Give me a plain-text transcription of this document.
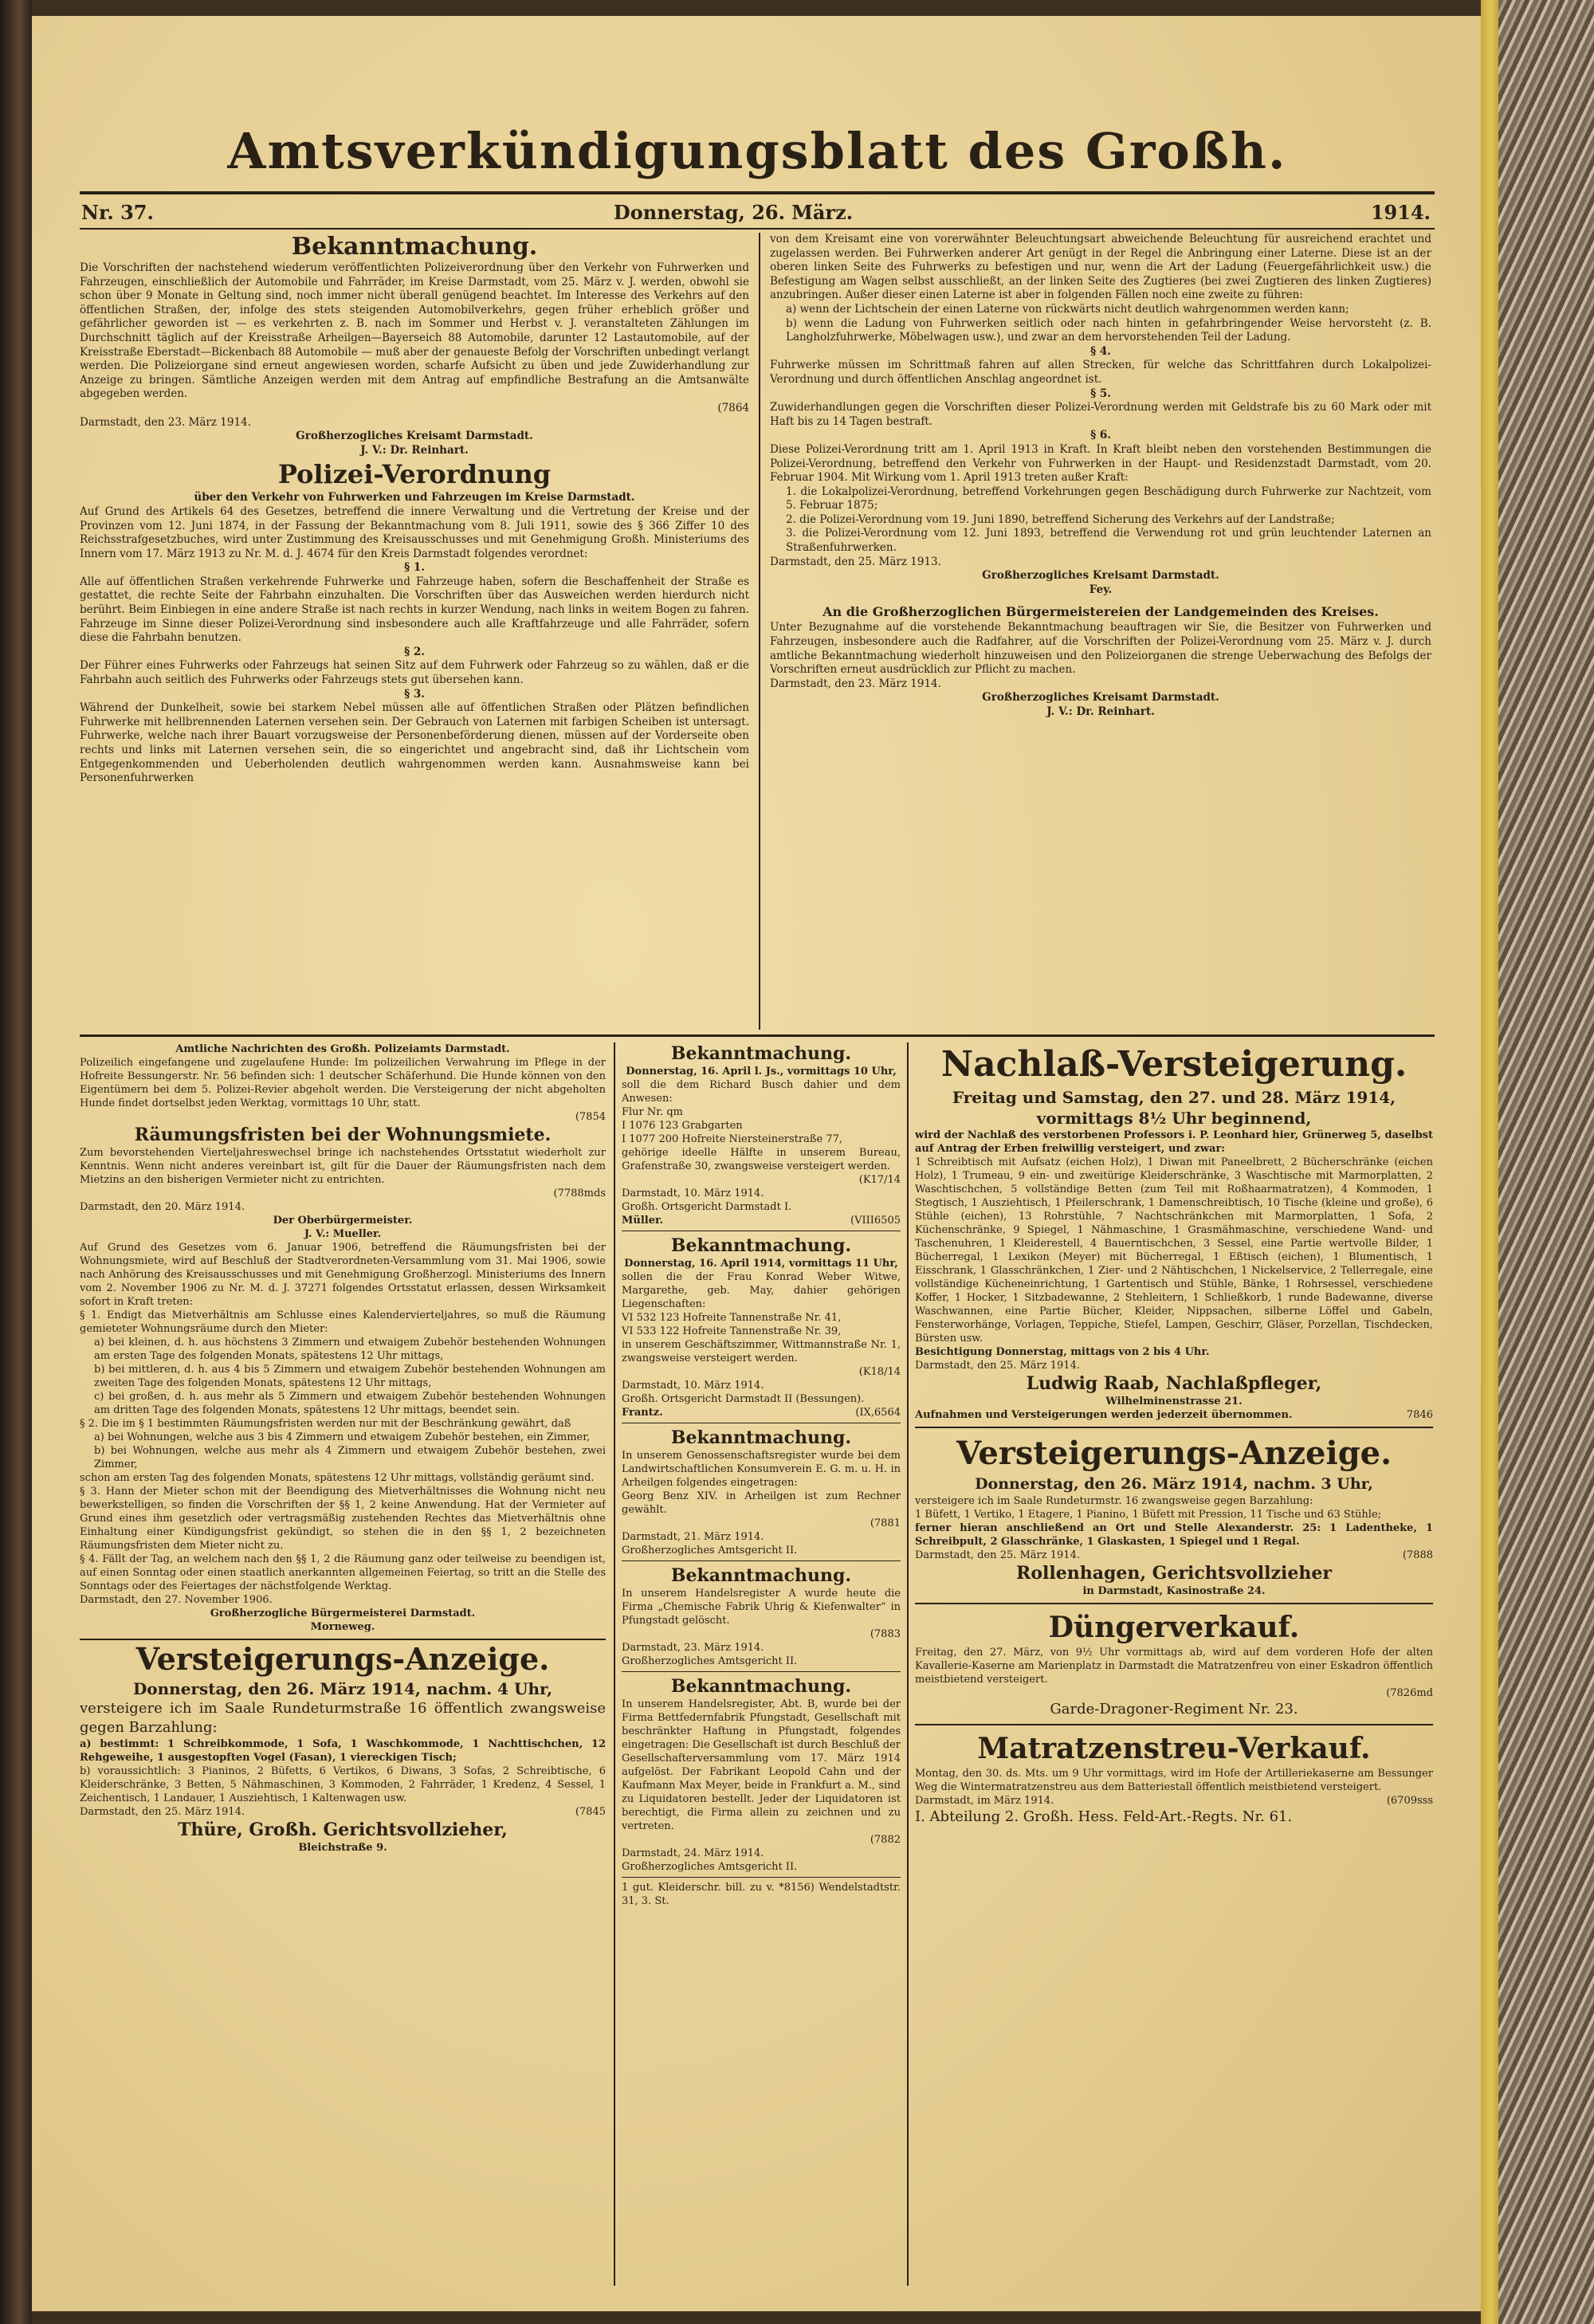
Amtsverkündigungsblatt des Großh.
Nr. 37.	Donnerstag, 26. März.	1914.
Bekanntmachung.

Die Vorschriften der nachstehend wiederum veröffentlichten Polizeiverordnung über den Verkehr von Fuhrwerken und Fahrzeugen, einschließlich der Automobile und Fahrräder, im Kreise Darmstadt, vom 25. März v. J. werden, obwohl sie schon über 9 Monate in Geltung sind, noch immer nicht überall genügend beachtet. Im Interesse des Verkehrs auf den öffentlichen Straßen, der, infolge des stets steigenden Automobilverkehrs, gegen früher erheblich größer und gefährlicher geworden ist — es verkehrten z. B. nach im Sommer und Herbst v. J. veranstalteten Zählungen im Durchschnitt täglich auf der Kreisstraße Arheilgen—Bayerseich 88 Automobile, darunter 12 Lastautomobile, auf der Kreisstraße Eberstadt—Bickenbach 88 Automobile — muß aber der genaueste Befolg der Vorschriften unbedingt verlangt werden. Die Polizeiorgane sind erneut angewiesen worden, scharfe Aufsicht zu üben und jede Zuwiderhandlung zur Anzeige zu bringen. Sämtliche Anzeigen werden mit dem Antrag auf empfindliche Bestrafung an die Amtsanwälte abgegeben werden.

(7864
Darmstadt, den 23. März 1914.
Großherzogliches Kreisamt Darmstadt.
J. V.: Dr. Reinhart.
Polizei-Verordnung
über den Verkehr von Fuhrwerken und Fahrzeugen im Kreise Darmstadt.

Auf Grund des Artikels 64 des Gesetzes, betreffend die innere Verwaltung und die Vertretung der Kreise und der Provinzen vom 12. Juni 1874, in der Fassung der Bekanntmachung vom 8. Juli 1911, sowie des § 366 Ziffer 10 des Reichsstrafgesetzbuches, wird unter Zustimmung des Kreisausschusses und mit Genehmigung Großh. Ministeriums des Innern vom 17. März 1913 zu Nr. M. d. J. 4674 für den Kreis Darmstadt folgendes verordnet:

§ 1.

Alle auf öffentlichen Straßen verkehrende Fuhrwerke und Fahrzeuge haben, sofern die Beschaffenheit der Straße es gestattet, die rechte Seite der Fahrbahn einzuhalten. Die Vorschriften über das Ausweichen werden hierdurch nicht berührt. Beim Einbiegen in eine andere Straße ist nach rechts in kurzer Wendung, nach links in weitem Bogen zu fahren. Fahrzeuge im Sinne dieser Polizei-Verordnung sind insbesondere auch alle Kraftfahrzeuge und alle Fahrräder, sofern diese die Fahrbahn benutzen.

§ 2.

Der Führer eines Fuhrwerks oder Fahrzeugs hat seinen Sitz auf dem Fuhrwerk oder Fahrzeug so zu wählen, daß er die Fahrbahn auch seitlich des Fuhrwerks oder Fahrzeugs stets gut übersehen kann.

§ 3.

Während der Dunkelheit, sowie bei starkem Nebel müssen alle auf öffentlichen Straßen oder Plätzen befindlichen Fuhrwerke mit hellbrennenden Laternen versehen sein. Der Gebrauch von Laternen mit farbigen Scheiben ist untersagt. Fuhrwerke, welche nach ihrer Bauart vorzugsweise der Personenbeförderung dienen, müssen auf der Vorderseite oben rechts und links mit Laternen versehen sein, die so eingerichtet und angebracht sind, daß ihr Lichtschein vom Entgegenkommenden und Ueberholenden deutlich wahrgenommen werden kann. Ausnahmsweise kann bei Personenfuhrwerken

von dem Kreisamt eine von vorerwähnter Beleuchtungsart abweichende Beleuchtung für ausreichend erachtet und zugelassen werden. Bei Fuhrwerken anderer Art genügt in der Regel die Anbringung einer Laterne. Diese ist an der oberen linken Seite des Fuhrwerks zu befestigen und nur, wenn die Art der Ladung (Feuergefährlichkeit usw.) die Befestigung am Wagen selbst ausschließt, an der linken Seite des Zugtieres (bei zwei Zugtieren des linken Zugtieres) anzubringen. Außer dieser einen Laterne ist aber in folgenden Fällen noch eine zweite zu führen:

a) wenn der Lichtschein der einen Laterne von rückwärts nicht deutlich wahrgenommen werden kann;

b) wenn die Ladung von Fuhrwerken seitlich oder nach hinten in gefahrbringender Weise hervorsteht (z. B. Langholzfuhrwerke, Möbelwagen usw.), und zwar an dem hervorstehenden Teil der Ladung.

§ 4.

Fuhrwerke müssen im Schrittmaß fahren auf allen Strecken, für welche das Schrittfahren durch Lokalpolizei-Verordnung und durch öffentlichen Anschlag angeordnet ist.

§ 5.

Zuwiderhandlungen gegen die Vorschriften dieser Polizei-Verordnung werden mit Geldstrafe bis zu 60 Mark oder mit Haft bis zu 14 Tagen bestraft.

§ 6.

Diese Polizei-Verordnung tritt am 1. April 1913 in Kraft. In Kraft bleibt neben den vorstehenden Bestimmungen die Polizei-Verordnung, betreffend den Verkehr von Fuhrwerken in der Haupt- und Residenzstadt Darmstadt, vom 20. Februar 1904. Mit Wirkung vom 1. April 1913 treten außer Kraft:

1. die Lokalpolizei-Verordnung, betreffend Vorkehrungen gegen Beschädigung durch Fuhrwerke zur Nachtzeit, vom 5. Februar 1875;

2. die Polizei-Verordnung vom 19. Juni 1890, betreffend Sicherung des Verkehrs auf der Landstraße;

3. die Polizei-Verordnung vom 12. Juni 1893, betreffend die Verwendung rot und grün leuchtender Laternen an Straßenfuhrwerken.

Darmstadt, den 25. März 1913.
Großherzogliches Kreisamt Darmstadt.
Fey.
An die Großherzoglichen Bürgermeistereien der Landgemeinden des Kreises.

Unter Bezugnahme auf die vorstehende Bekanntmachung beauftragen wir Sie, die Besitzer von Fuhrwerken und Fahrzeugen, insbesondere auch die Radfahrer, auf die Vorschriften der Polizei-Verordnung vom 25. März v. J. durch amtliche Bekanntmachung wiederholt hinzuweisen und den Polizeiorganen die strenge Ueberwachung des Befolgs der Vorschriften erneut ausdrücklich zur Pflicht zu machen.

Darmstadt, den 23. März 1914.
Großherzogliches Kreisamt Darmstadt.
J. V.: Dr. Reinhart.
Amtliche Nachrichten des Großh. Polizeiamts Darmstadt.

Polizeilich eingefangene und zugelaufene Hunde: Im polizeilichen Verwahrung im Pflege in der Hofreite Bessungerstr. Nr. 56 befinden sich: 1 deutscher Schäferhund. Die Hunde können von den Eigentümern bei dem 5. Polizei-Revier abgeholt werden. Die Versteigerung der nicht abgeholten Hunde findet dortselbst jeden Werktag, vormittags 10 Uhr, statt.

(7854
Räumungsfristen bei der Wohnungsmiete.

Zum bevorstehenden Vierteljahreswechsel bringe ich nachstehendes Ortsstatut wiederholt zur Kenntnis. Wenn nicht anderes vereinbart ist, gilt für die Dauer der Räumungsfristen nach dem Mietzins an den bisherigen Vermieter nicht zu entrichten.

(7788mds
Darmstadt, den 20. März 1914.
Der Oberbürgermeister.
J. V.: Mueller.

Auf Grund des Gesetzes vom 6. Januar 1906, betreffend die Räumungsfristen bei der Wohnungsmiete, wird auf Beschluß der Stadtverordneten-Versammlung vom 31. Mai 1906, sowie nach Anhörung des Kreisausschusses und mit Genehmigung Großherzogl. Ministeriums des Innern vom 2. November 1906 zu Nr. M. d. J. 37271 folgendes Ortsstatut erlassen, dessen Wirksamkeit sofort in Kraft treten:

§ 1. Endigt das Mietverhältnis am Schlusse eines Kalendervierteljahres, so muß die Räumung gemieteter Wohnungsräume durch den Mieter:

a) bei kleinen, d. h. aus höchstens 3 Zimmern und etwaigem Zubehör bestehenden Wohnungen am ersten Tage des folgenden Monats, spätestens 12 Uhr mittags,

b) bei mittleren, d. h. aus 4 bis 5 Zimmern und etwaigem Zubehör bestehenden Wohnungen am zweiten Tage des folgenden Monats, spätestens 12 Uhr mittags,

c) bei großen, d. h. aus mehr als 5 Zimmern und etwaigem Zubehör bestehenden Wohnungen am dritten Tage des folgenden Monats, spätestens 12 Uhr mittags, beendet sein.

§ 2. Die im § 1 bestimmten Räumungsfristen werden nur mit der Beschränkung gewährt, daß

a) bei Wohnungen, welche aus 3 bis 4 Zimmern und etwaigem Zubehör bestehen, ein Zimmer,

b) bei Wohnungen, welche aus mehr als 4 Zimmern und etwaigem Zubehör bestehen, zwei Zimmer,

schon am ersten Tag des folgenden Monats, spätestens 12 Uhr mittags, vollständig geräumt sind.

§ 3. Hann der Mieter schon mit der Beendigung des Mietverhältnisses die Wohnung nicht neu bewerkstelligen, so finden die Vorschriften der §§ 1, 2 keine Anwendung. Hat der Vermieter auf Grund eines ihm gesetzlich oder vertragsmäßig zustehenden Rechtes das Mietverhältnis ohne Einhaltung einer Kündigungsfrist gekündigt, so stehen die in den §§ 1, 2 bezeichneten Räumungsfristen dem Mieter nicht zu.

§ 4. Fällt der Tag, an welchem nach den §§ 1, 2 die Räumung ganz oder teilweise zu beendigen ist, auf einen Sonntag oder einen staatlich anerkannten allgemeinen Feiertag, so tritt an die Stelle des Sonntags oder des Feiertages der nächstfolgende Werktag.

Darmstadt, den 27. November 1906.
Großherzogliche Bürgermeisterei Darmstadt.
Morneweg.
Versteigerungs-Anzeige.
Donnerstag, den 26. März 1914, nachm. 4 Uhr,

versteigere ich im Saale Rundeturmstraße 16 öffentlich zwangsweise gegen Barzahlung:

a) bestimmt: 1 Schreibkommode, 1 Sofa, 1 Waschkommode, 1 Nachttischchen, 12 Rehgeweihe, 1 ausgestopften Vogel (Fasan), 1 viereckigen Tisch;

b) voraussichtlich: 3 Pianinos, 2 Büfetts, 6 Vertikos, 6 Diwans, 3 Sofas, 2 Schreibtische, 6 Kleiderschränke, 3 Betten, 5 Nähmaschinen, 3 Kommoden, 2 Fahrräder, 1 Kredenz, 4 Sessel, 1 Zeichentisch, 1 Landauer, 1 Ausziehtisch, 1 Kaltenwagen usw.

Darmstadt, den 25. März 1914.	(7845
Thüre, Großh. Gerichtsvollzieher,
Bleichstraße 9.
Bekanntmachung.
Donnerstag, 16. April l. Js., vormittags 10 Uhr,

soll die dem Richard Busch dahier und dem Anwesen:

Flur Nr. qm
I 1076 123 Grabgarten
I 1077 200 Hofreite Niersteinerstraße 77,

gehörige ideelle Hälfte in unserem Bureau, Grafenstraße 30, zwangsweise versteigert werden.

(K17/14
Darmstadt, 10. März 1914.
Großh. Ortsgericht Darmstadt I.
Müller.	(VIII6505
Bekanntmachung.
Donnerstag, 16. April 1914, vormittags 11 Uhr,

sollen die der Frau Konrad Weber Witwe, Margarethe, geb. May, dahier gehörigen Liegenschaften:

VI 532 123 Hofreite Tannenstraße Nr. 41,
VI 533 122 Hofreite Tannenstraße Nr. 39,

in unserem Geschäftszimmer, Wittmannstraße Nr. 1, zwangsweise versteigert werden.

(K18/14
Darmstadt, 10. März 1914.
Großh. Ortsgericht Darmstadt II (Bessungen).
Frantz.	(IX,6564
Bekanntmachung.

In unserem Genossenschaftsregister wurde bei dem Landwirtschaftlichen Konsumverein E. G. m. u. H. in Arheilgen folgendes eingetragen:

Georg Benz XIV. in Arheilgen ist zum Rechner gewählt.

(7881
Darmstadt, 21. März 1914.
Großherzogliches Amtsgericht II.
Bekanntmachung.

In unserem Handelsregister A wurde heute die Firma „Chemische Fabrik Uhrig & Kiefenwalter“ in Pfungstadt gelöscht.

(7883
Darmstadt, 23. März 1914.
Großherzogliches Amtsgericht II.
Bekanntmachung.

In unserem Handelsregister, Abt. B, wurde bei der Firma Bettfedernfabrik Pfungstadt, Gesellschaft mit beschränkter Haftung in Pfungstadt, folgendes eingetragen: Die Gesellschaft ist durch Beschluß der Gesellschafterversammlung vom 17. März 1914 aufgelöst. Der Fabrikant Leopold Cahn und der Kaufmann Max Meyer, beide in Frankfurt a. M., sind zu Liquidatoren bestellt. Jeder der Liquidatoren ist berechtigt, die Firma allein zu zeichnen und zu vertreten.

(7882
Darmstadt, 24. März 1914.
Großherzogliches Amtsgericht II.
1 gut. Kleiderschr. bill. zu v. *8156) Wendelstadtstr. 31, 3. St.
Nachlaß-Versteigerung.
Freitag und Samstag, den 27. und 28. März 1914, vormittags 8½ Uhr beginnend,

wird der Nachlaß des verstorbenen Professors i. P. Leonhard hier, Grünerweg 5, daselbst auf Antrag der Erben freiwillig versteigert, und zwar:

1 Schreibtisch mit Aufsatz (eichen Holz), 1 Diwan mit Paneelbrett, 2 Bücherschränke (eichen Holz), 1 Trumeau, 9 ein- und zweitürige Kleiderschränke, 3 Waschtische mit Marmorplatten, 2 Waschtischchen, 5 vollständige Betten (zum Teil mit Roßhaarmatratzen), 4 Kommoden, 1 Stegtisch, 1 Ausziehtisch, 1 Pfeilerschrank, 1 Damenschreibtisch, 10 Tische (kleine und große), 6 Stühle (eichen), 13 Rohrstühle, 7 Nachtschränkchen mit Marmorplatten, 1 Sofa, 2 Küchenschränke, 9 Spiegel, 1 Nähmaschine, 1 Grasmähmaschine, verschiedene Wand- und Taschenuhren, 1 Kleiderestell, 4 Bauerntischchen, 3 Sessel, eine Partie wertvolle Bilder, 1 Bücherregal, 1 Lexikon (Meyer) mit Bücherregal, 1 Eßtisch (eichen), 1 Blumentisch, 1 Eisschrank, 1 Glasschränkchen, 1 Zier- und 2 Nähtischchen, 1 Nickelservice, 2 Tellerregale, eine vollständige Kücheneinrichtung, 1 Gartentisch und Stühle, Bänke, 1 Rohrsessel, verschiedene Koffer, 1 Hocker, 1 Sitzbadewanne, 2 Stehleitern, 1 Schließkorb, 1 runde Badewanne, diverse Waschwannen, eine Partie Bücher, Kleider, Nippsachen, silberne Löffel und Gabeln, Fensterworhänge, Vorlagen, Teppiche, Stiefel, Lampen, Geschirr, Gläser, Porzellan, Tischdecken, Bürsten usw.

Besichtigung Donnerstag, mittags von 2 bis 4 Uhr.
Darmstadt, den 25. März 1914.
Ludwig Raab, Nachlaßpfleger,
Wilhelminenstrasse 21.
Aufnahmen und Versteigerungen werden jederzeit übernommen.	7846
Versteigerungs-Anzeige.
Donnerstag, den 26. März 1914, nachm. 3 Uhr,

versteigere ich im Saale Rundeturmstr. 16 zwangsweise gegen Barzahlung:

1 Büfett, 1 Vertiko, 1 Etagere, 1 Pianino, 1 Büfett mit Pression, 11 Tische und 63 Stühle;

ferner hieran anschließend an Ort und Stelle Alexanderstr. 25: 1 Ladentheke, 1 Schreibpult, 2 Glasschränke, 1 Glaskasten, 1 Spiegel und 1 Regal.

Darmstadt, den 25. März 1914.	(7888
Rollenhagen, Gerichtsvollzieher
in Darmstadt, Kasinostraße 24.
Düngerverkauf.

Freitag, den 27. März, von 9½ Uhr vormittags ab, wird auf dem vorderen Hofe der alten Kavallerie-Kaserne am Marienplatz in Darmstadt die Matratzenfreu von einer Eskadron öffentlich meistbietend versteigert.

(7826md
Garde-Dragoner-Regiment Nr. 23.
Matratzenstreu-Verkauf.

Montag, den 30. ds. Mts. um 9 Uhr vormittags, wird im Hofe der Artilleriekaserne am Bessunger Weg die Wintermatratzenstreu aus dem Batteriestall öffentlich meistbietend versteigert.

Darmstadt, im März 1914.	(6709sss
I. Abteilung 2. Großh. Hess. Feld-Art.-Regts. Nr. 61.
